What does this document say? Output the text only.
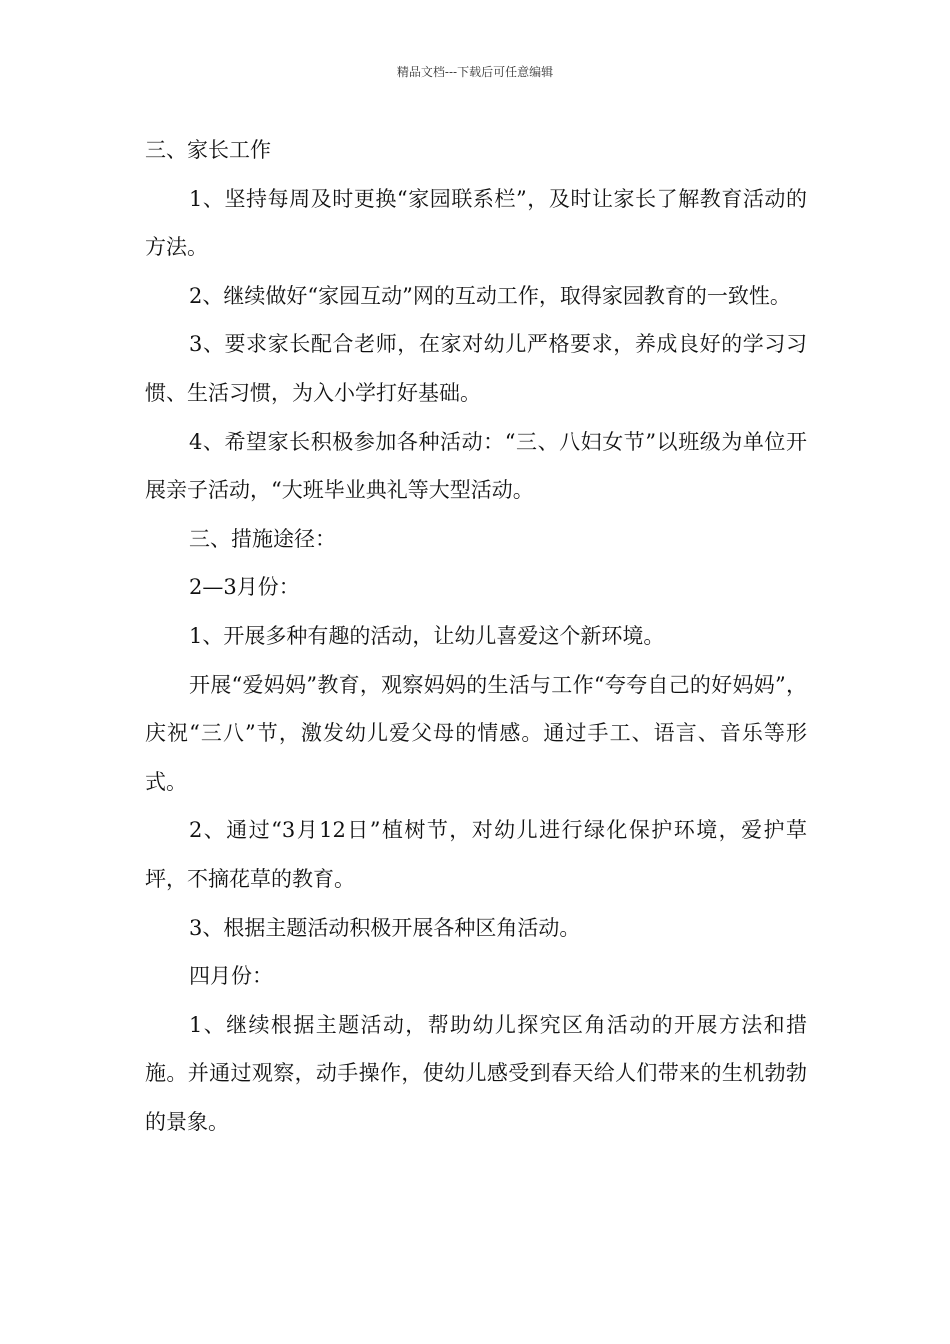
精品文档---下载后可任意编辑

三、家长工作

1、坚持每周及时更换“家园联系栏”，及时让家长了解教育活动的方法。

2、继续做好“家园互动”网的互动工作，取得家园教育的一致性。

3、要求家长配合老师，在家对幼儿严格要求，养成良好的学习习惯、生活习惯，为入小学打好基础。

4、希望家长积极参加各种活动：“三、八妇女节”以班级为单位开展亲子活动，“大班毕业典礼等大型活动。

三、措施途径：

2—3月份：

1、开展多种有趣的活动，让幼儿喜爱这个新环境。

开展“爱妈妈”教育，观察妈妈的生活与工作“夸夸自己的好妈妈”，庆祝“三八”节，激发幼儿爱父母的情感。通过手工、语言、音乐等形式。

2、通过“3月12日”植树节，对幼儿进行绿化保护环境，爱护草坪，不摘花草的教育。

3、根据主题活动积极开展各种区角活动。

四月份：

1、继续根据主题活动，帮助幼儿探究区角活动的开展方法和措施。并通过观察，动手操作，使幼儿感受到春天给人们带来的生机勃勃的景象。
